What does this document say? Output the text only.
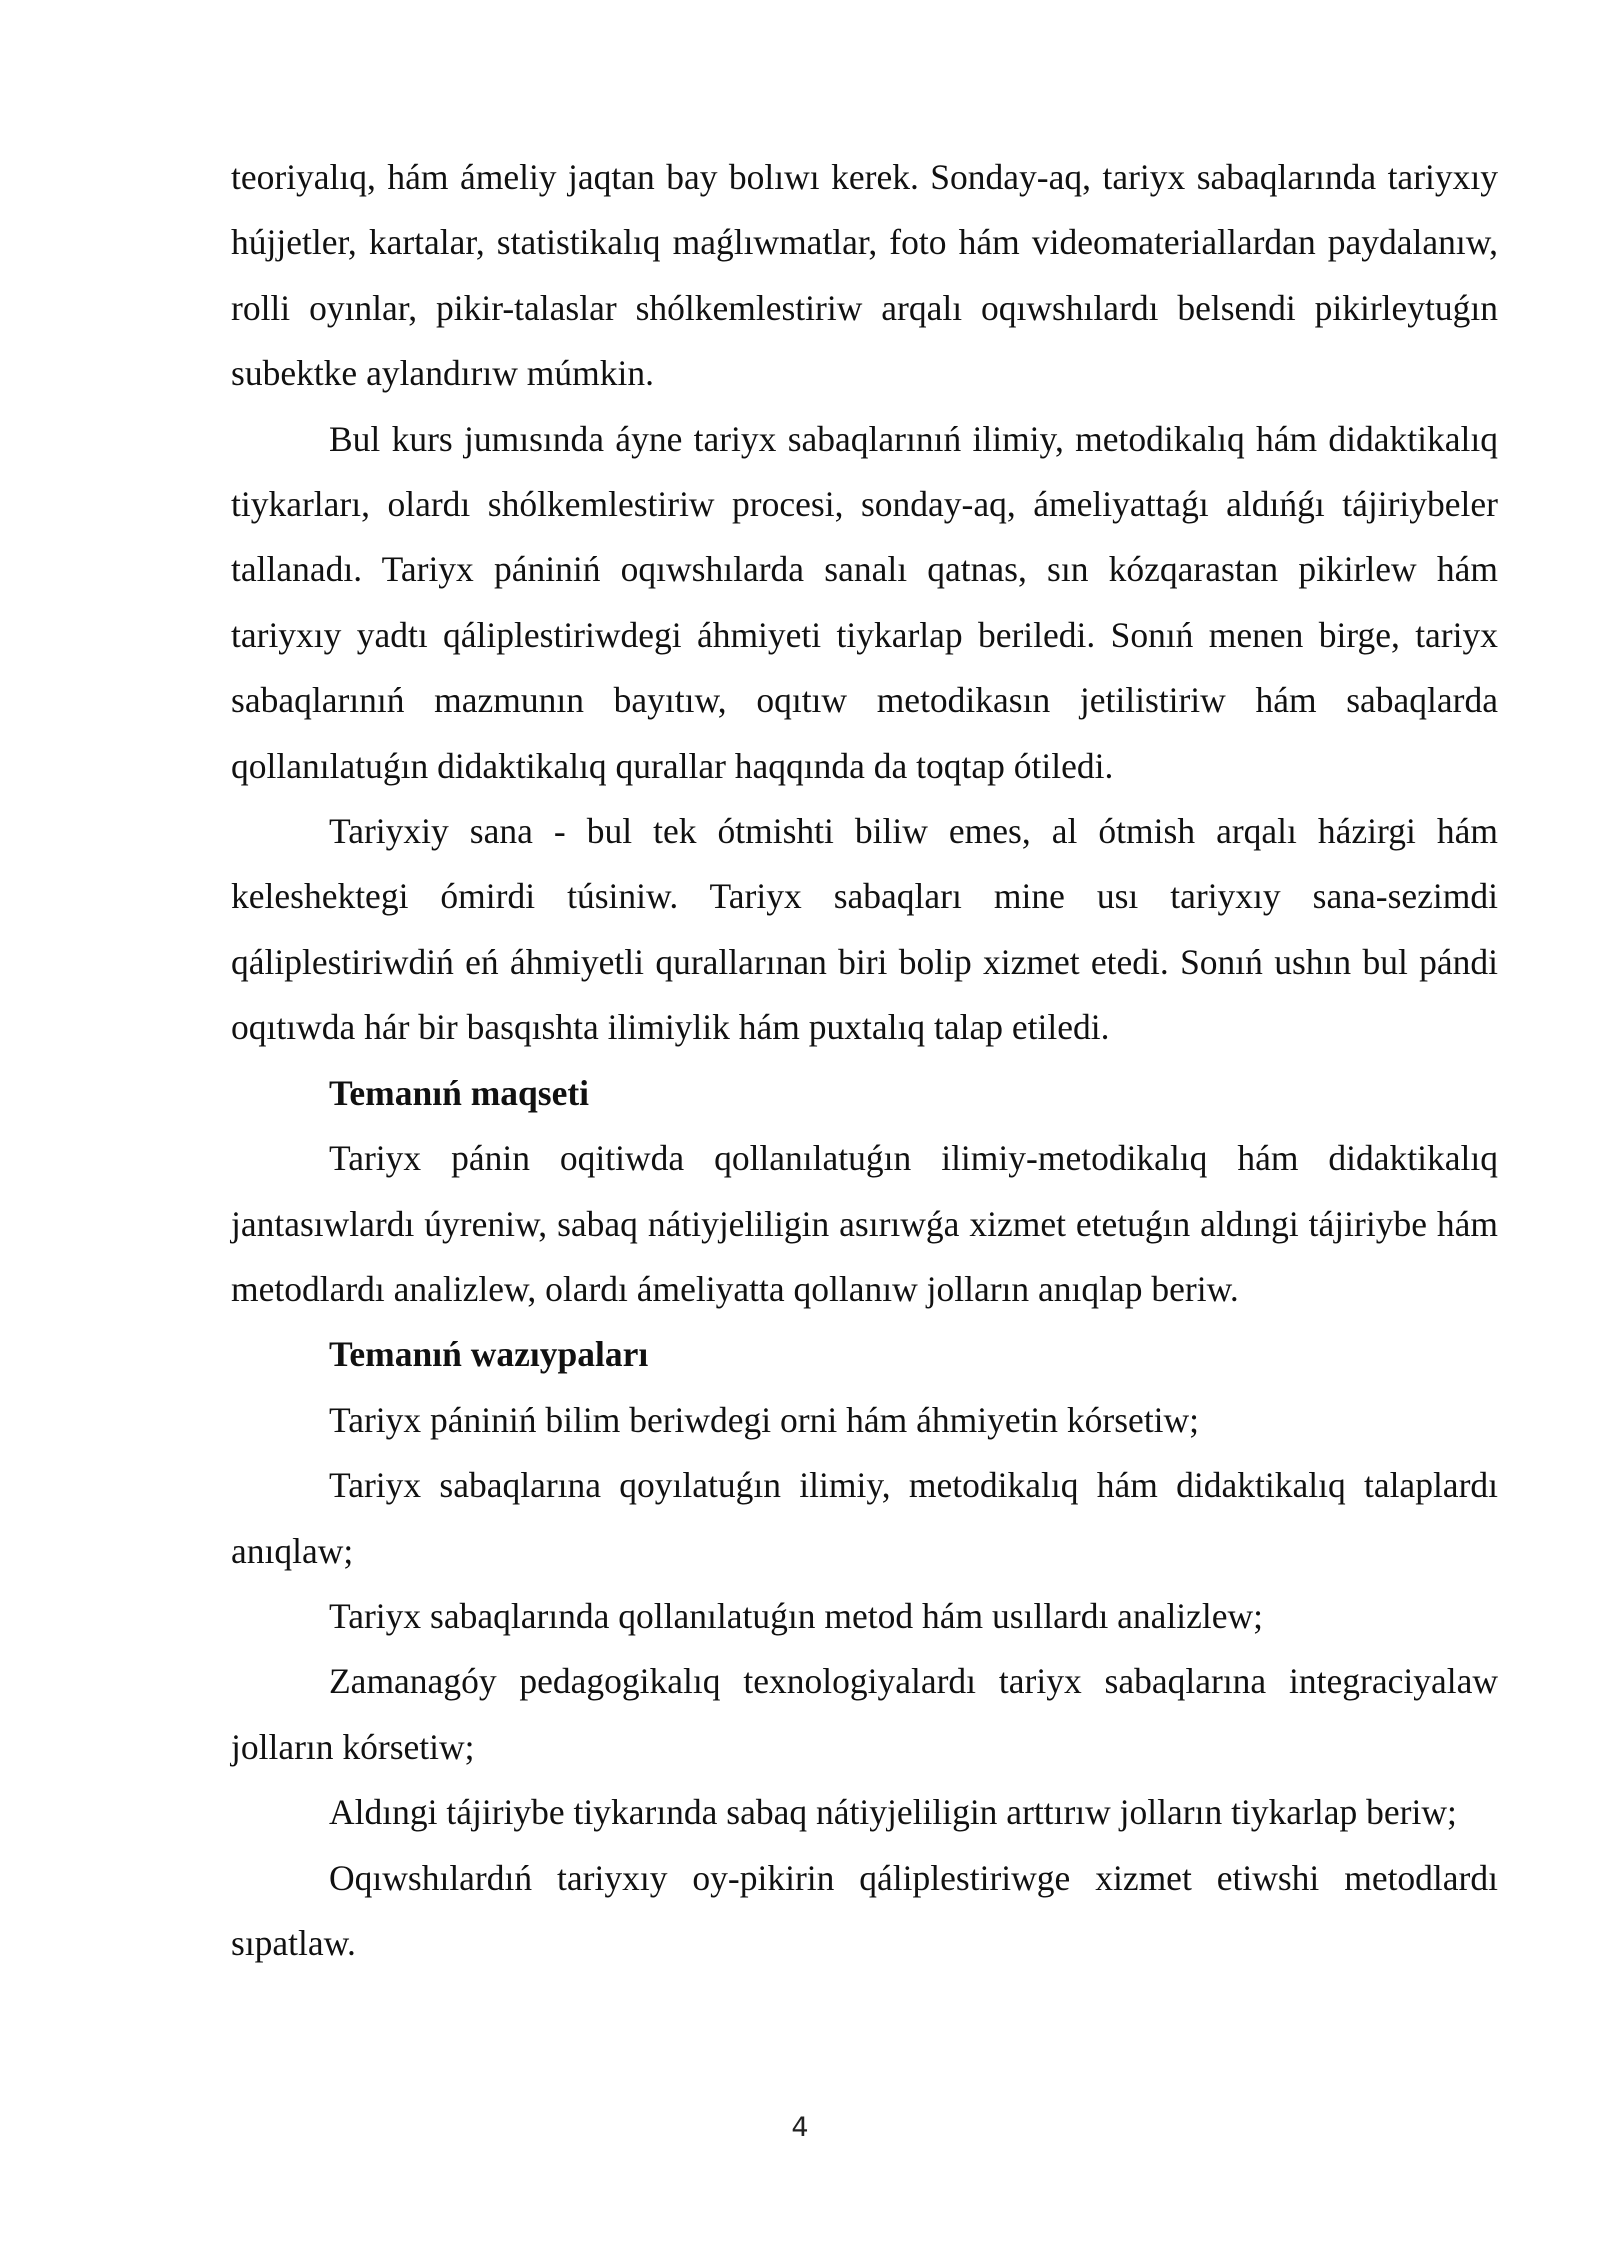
teoriyalıq, hám ámeliy jaqtan bay bolıwı kerek. Sonday-aq, tariyx sabaqlarında tariyxıy hújjetler, kartalar, statistikalıq maǵlıwmatlar, foto hám videomateriallardan paydalanıw, rolli oyınlar, pikir-talaslar shólkemlestiriw arqalı oqıwshılardı belsendi pikirleytuǵın subektke aylandırıw múmkin.

Bul kurs jumısında áyne tariyx sabaqlarınıń ilimiy, metodikalıq hám didaktikalıq tiykarları, olardı shólkemlestiriw procesi, sonday-aq, ámeliyattaǵı aldıńǵı tájiriybeler tallanadı. Tariyx pániniń oqıwshılarda sanalı qatnas, sın kózqarastan pikirlew hám tariyxıy yadtı qáliplestiriwdegi áhmiyeti tiykarlap beriledi. Sonıń menen birge, tariyx sabaqlarınıń mazmunın bayıtıw, oqıtıw metodikasın jetilistiriw hám sabaqlarda qollanılatuǵın didaktikalıq qurallar haqqında da toqtap ótiledi.

Tariyxiy sana - bul tek ótmishti biliw emes, al ótmish arqalı házirgi hám keleshektegi ómirdi túsiniw. Tariyx sabaqları mine usı tariyxıy sana-sezimdi qáliplestiriwdiń eń áhmiyetli qurallarınan biri bolip xizmet etedi. Sonıń ushın bul pándi oqıtıwda hár bir basqıshta ilimiylik hám puxtalıq talap etiledi.

Temanıń maqseti

Tariyx pánin oqitiwda qollanılatuǵın ilimiy-metodikalıq hám didaktikalıq jantasıwlardı úyreniw, sabaq nátiyjeliligin asırıwǵa xizmet etetuǵın aldıngi tájiriybe hám metodlardı analizlew, olardı ámeliyatta qollanıw jolların anıqlap beriw.

Temanıń wazıypaları

Tariyx pániniń bilim beriwdegi orni hám áhmiyetin kórsetiw;

Tariyx sabaqlarına qoyılatuǵın ilimiy, metodikalıq hám didaktikalıq talaplardı anıqlaw;

Tariyx sabaqlarında qollanılatuǵın metod hám usıllardı analizlew;

Zamanagóy pedagogikalıq texnologiyalardı tariyx sabaqlarına integraciyalaw jolların kórsetiw;

Aldıngi tájiriybe tiykarında sabaq nátiyjeliligin arttırıw jolların tiykarlap beriw;

Oqıwshılardıń tariyxıy oy-pikirin qáliplestiriwge xizmet etiwshi metodlardı sıpatlaw.

4
